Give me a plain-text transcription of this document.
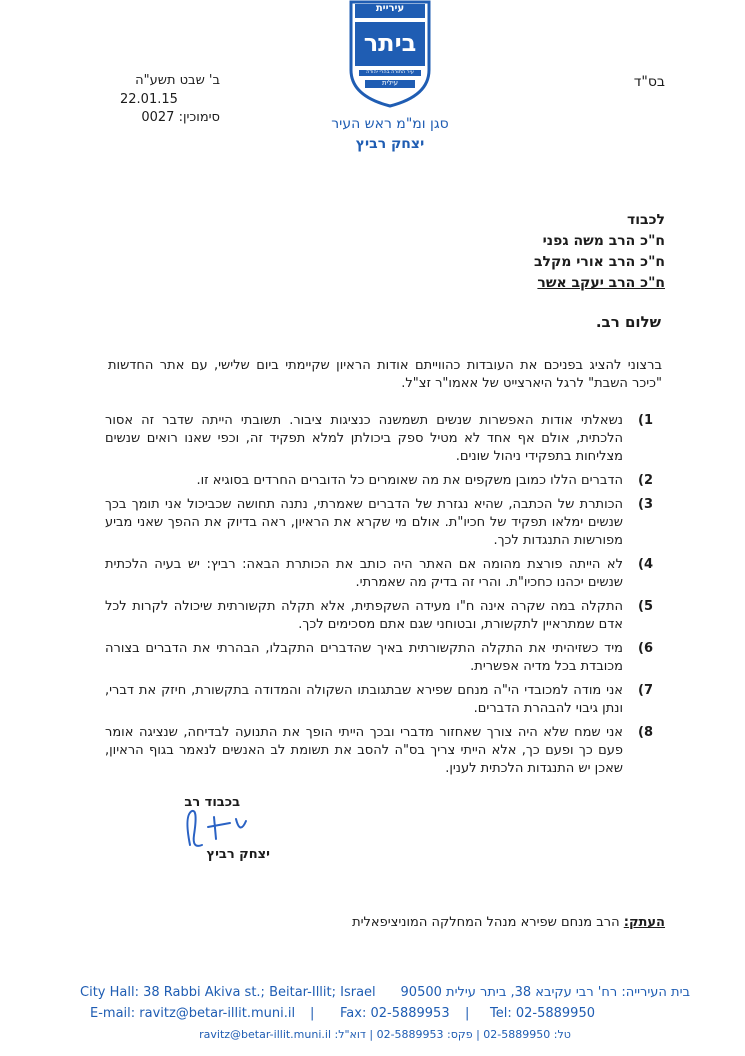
בס"ד
עיריית
ביתר
עיר התורה בהרי יהודה
עילית
סגן ומ"מ ראש העיר
יצחק רביץ
ב' שבט תשע"ה
22.01.15
סימוכין: 0027
לכבוד
ח"כ הרב משה גפני
ח"כ הרב אורי מקלב
ח"כ הרב יעקב אשר
שלום רב.
ברצוני להציג בפניכם את העובדות כהווייתם אודות הראיון שקיימתי ביום שלישי, עם אתר החדשות "כיכר השבת" לרגל היארצייט של אאמו"ר זצ"ל.
1)
נשאלתי אודות האפשרות שנשים תשמשנה כנציגות ציבור. תשובתי הייתה שדבר זה אסור הלכתית, אולם אף אחד לא מטיל ספק ביכולתן למלא תפקיד זה, וכפי שאנו רואים שנשים מצליחות בתפקידי ניהול שונים.
2)
הדברים הללו כמובן משקפים את מה שאומרים כל הדוברים החרדים בסוגיא זו.
3)
הכותרת של הכתבה, שהיא נגזרת של הדברים שאמרתי, נתנה תחושה שכביכול אני תומך בכך שנשים ימלאו תפקיד של חכיו"ת. אולם מי שקרא את הראיון, ראה בדיוק את ההפך שאני מביע מפורשות התנגדות לכך.
4)
לא הייתה פורצת מהומה אם האתר היה כותב את הכותרת הבאה: רביץ: יש בעיה הלכתית שנשים יכהנו כחכיו"ת. והרי זה בדיק מה שאמרתי.
5)
התקלה במה שקרה אינה ח"ו מעידה השקפתית, אלא תקלה תקשורתית שיכולה לקרות לכל אדם שמתראיין לתקשורת, ובטוחני שגם אתם מסכימים לכך.
6)
מיד כשזיהיתי את התקלה התקשורתית באיך שהדברים התקבלו, הבהרתי את הדברים בצורה מכובדת בכל מדיה אפשרית.
7)
אני מודה למכובדי הי"ה מנחם שפירא שבתגובתו השקולה והמדודה בתקשורת, חיזק את דברי, ונתן גיבוי להבהרת הדברים.
8)
אני שמח שלא היה צורך שאחזור מדברי ובכך הייתי הופך את התנועה לבדיחה, שנציגה אומר פעם כך ופעם כך, אלא הייתי צריך בס"ה להסב את תשומת לב האנשים לנאמר בגוף הראיון, שאכן יש התנגדות הלכתית לענין.
בכבוד רב
יצחק רביץ
העתק: הרב מנחם שפירא מנהל המחלקה המוניציפאלית
City Hall: 38 Rabbi Akiva st.; Beitar-Illit; Israel בית העירייה: רח' רבי עקיבא 38, ביתר עילית 90500
E-mail: ravitz@betar-illit.muni.il | Fax: 02-5889953 | Tel: 02-5889950
טל: 02-5889950 | פקס: 02-5889953 | דוא"ל: ravitz@betar-illit.muni.il
